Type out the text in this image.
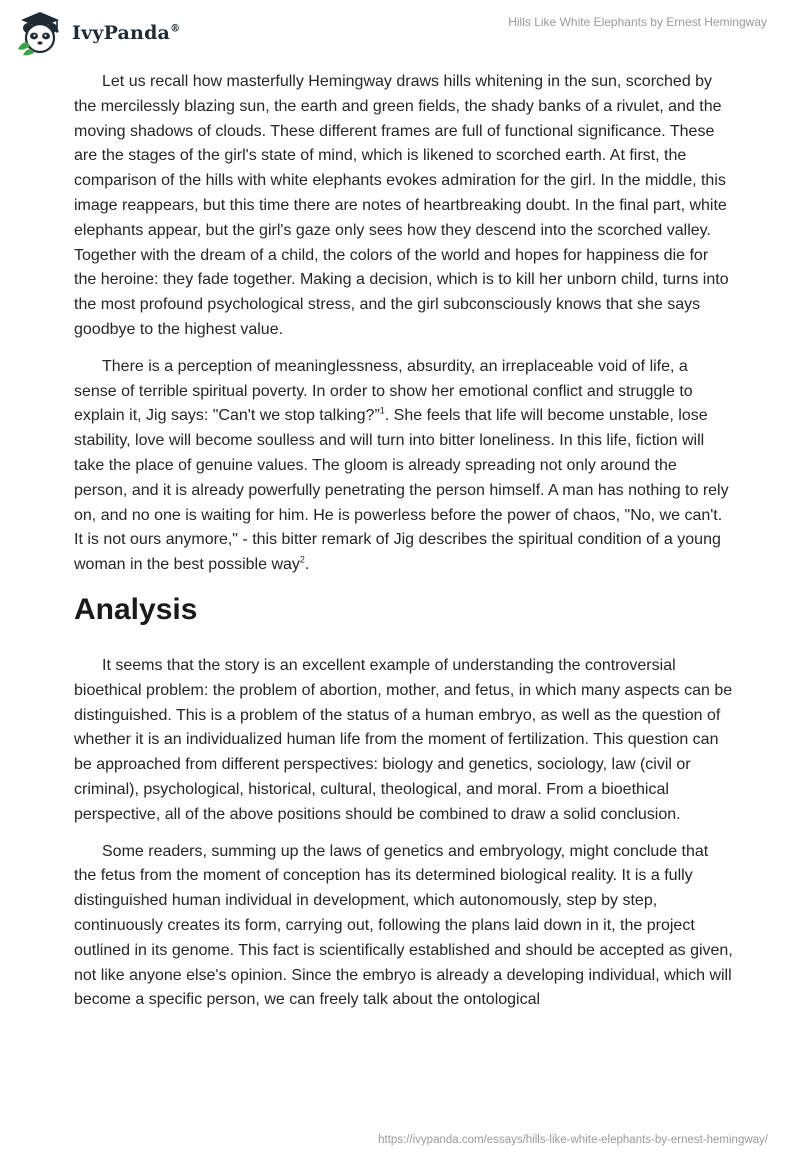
IvyPanda®
Hills Like White Elephants by Ernest Hemingway

Let us recall how masterfully Hemingway draws hills whitening in the sun, scorched by the mercilessly blazing sun, the earth and green fields, the shady banks of a rivulet, and the moving shadows of clouds. These different frames are full of functional significance. These are the stages of the girl's state of mind, which is likened to scorched earth. At first, the comparison of the hills with white elephants evokes admiration for the girl. In the middle, this image reappears, but this time there are notes of heartbreaking doubt. In the final part, white elephants appear, but the girl's gaze only sees how they descend into the scorched valley. Together with the dream of a child, the colors of the world and hopes for happiness die for the heroine: they fade together. Making a decision, which is to kill her unborn child, turns into the most profound psychological stress, and the girl subconsciously knows that she says goodbye to the highest value.

There is a perception of meaninglessness, absurdity, an irreplaceable void of life, a sense of terrible spiritual poverty. In order to show her emotional conflict and struggle to explain it, Jig says: "Can't we stop talking?”$^1$. She feels that life will become unstable, lose stability, love will become soulless and will turn into bitter loneliness. In this life, fiction will take the place of genuine values. The gloom is already spreading not only around the person, and it is already powerfully penetrating the person himself. A man has nothing to rely on, and no one is waiting for him. He is powerless before the power of chaos, "No, we can't. It is not ours anymore," - this bitter remark of Jig describes the spiritual condition of a young woman in the best possible way$^2$.

Analysis

It seems that the story is an excellent example of understanding the controversial bioethical problem: the problem of abortion, mother, and fetus, in which many aspects can be distinguished. This is a problem of the status of a human embryo, as well as the question of whether it is an individualized human life from the moment of fertilization. This question can be approached from different perspectives: biology and genetics, sociology, law (civil or criminal), psychological, historical, cultural, theological, and moral. From a bioethical perspective, all of the above positions should be combined to draw a solid conclusion.

Some readers, summing up the laws of genetics and embryology, might conclude that the fetus from the moment of conception has its determined biological reality. It is a fully distinguished human individual in development, which autonomously, step by step, continuously creates its form, carrying out, following the plans laid down in it, the project outlined in its genome. This fact is scientifically established and should be accepted as given, not like anyone else's opinion. Since the embryo is already a developing individual, which will become a specific person, we can freely talk about the ontological

https://ivypanda.com/essays/hills-like-white-elephants-by-ernest-hemingway/
